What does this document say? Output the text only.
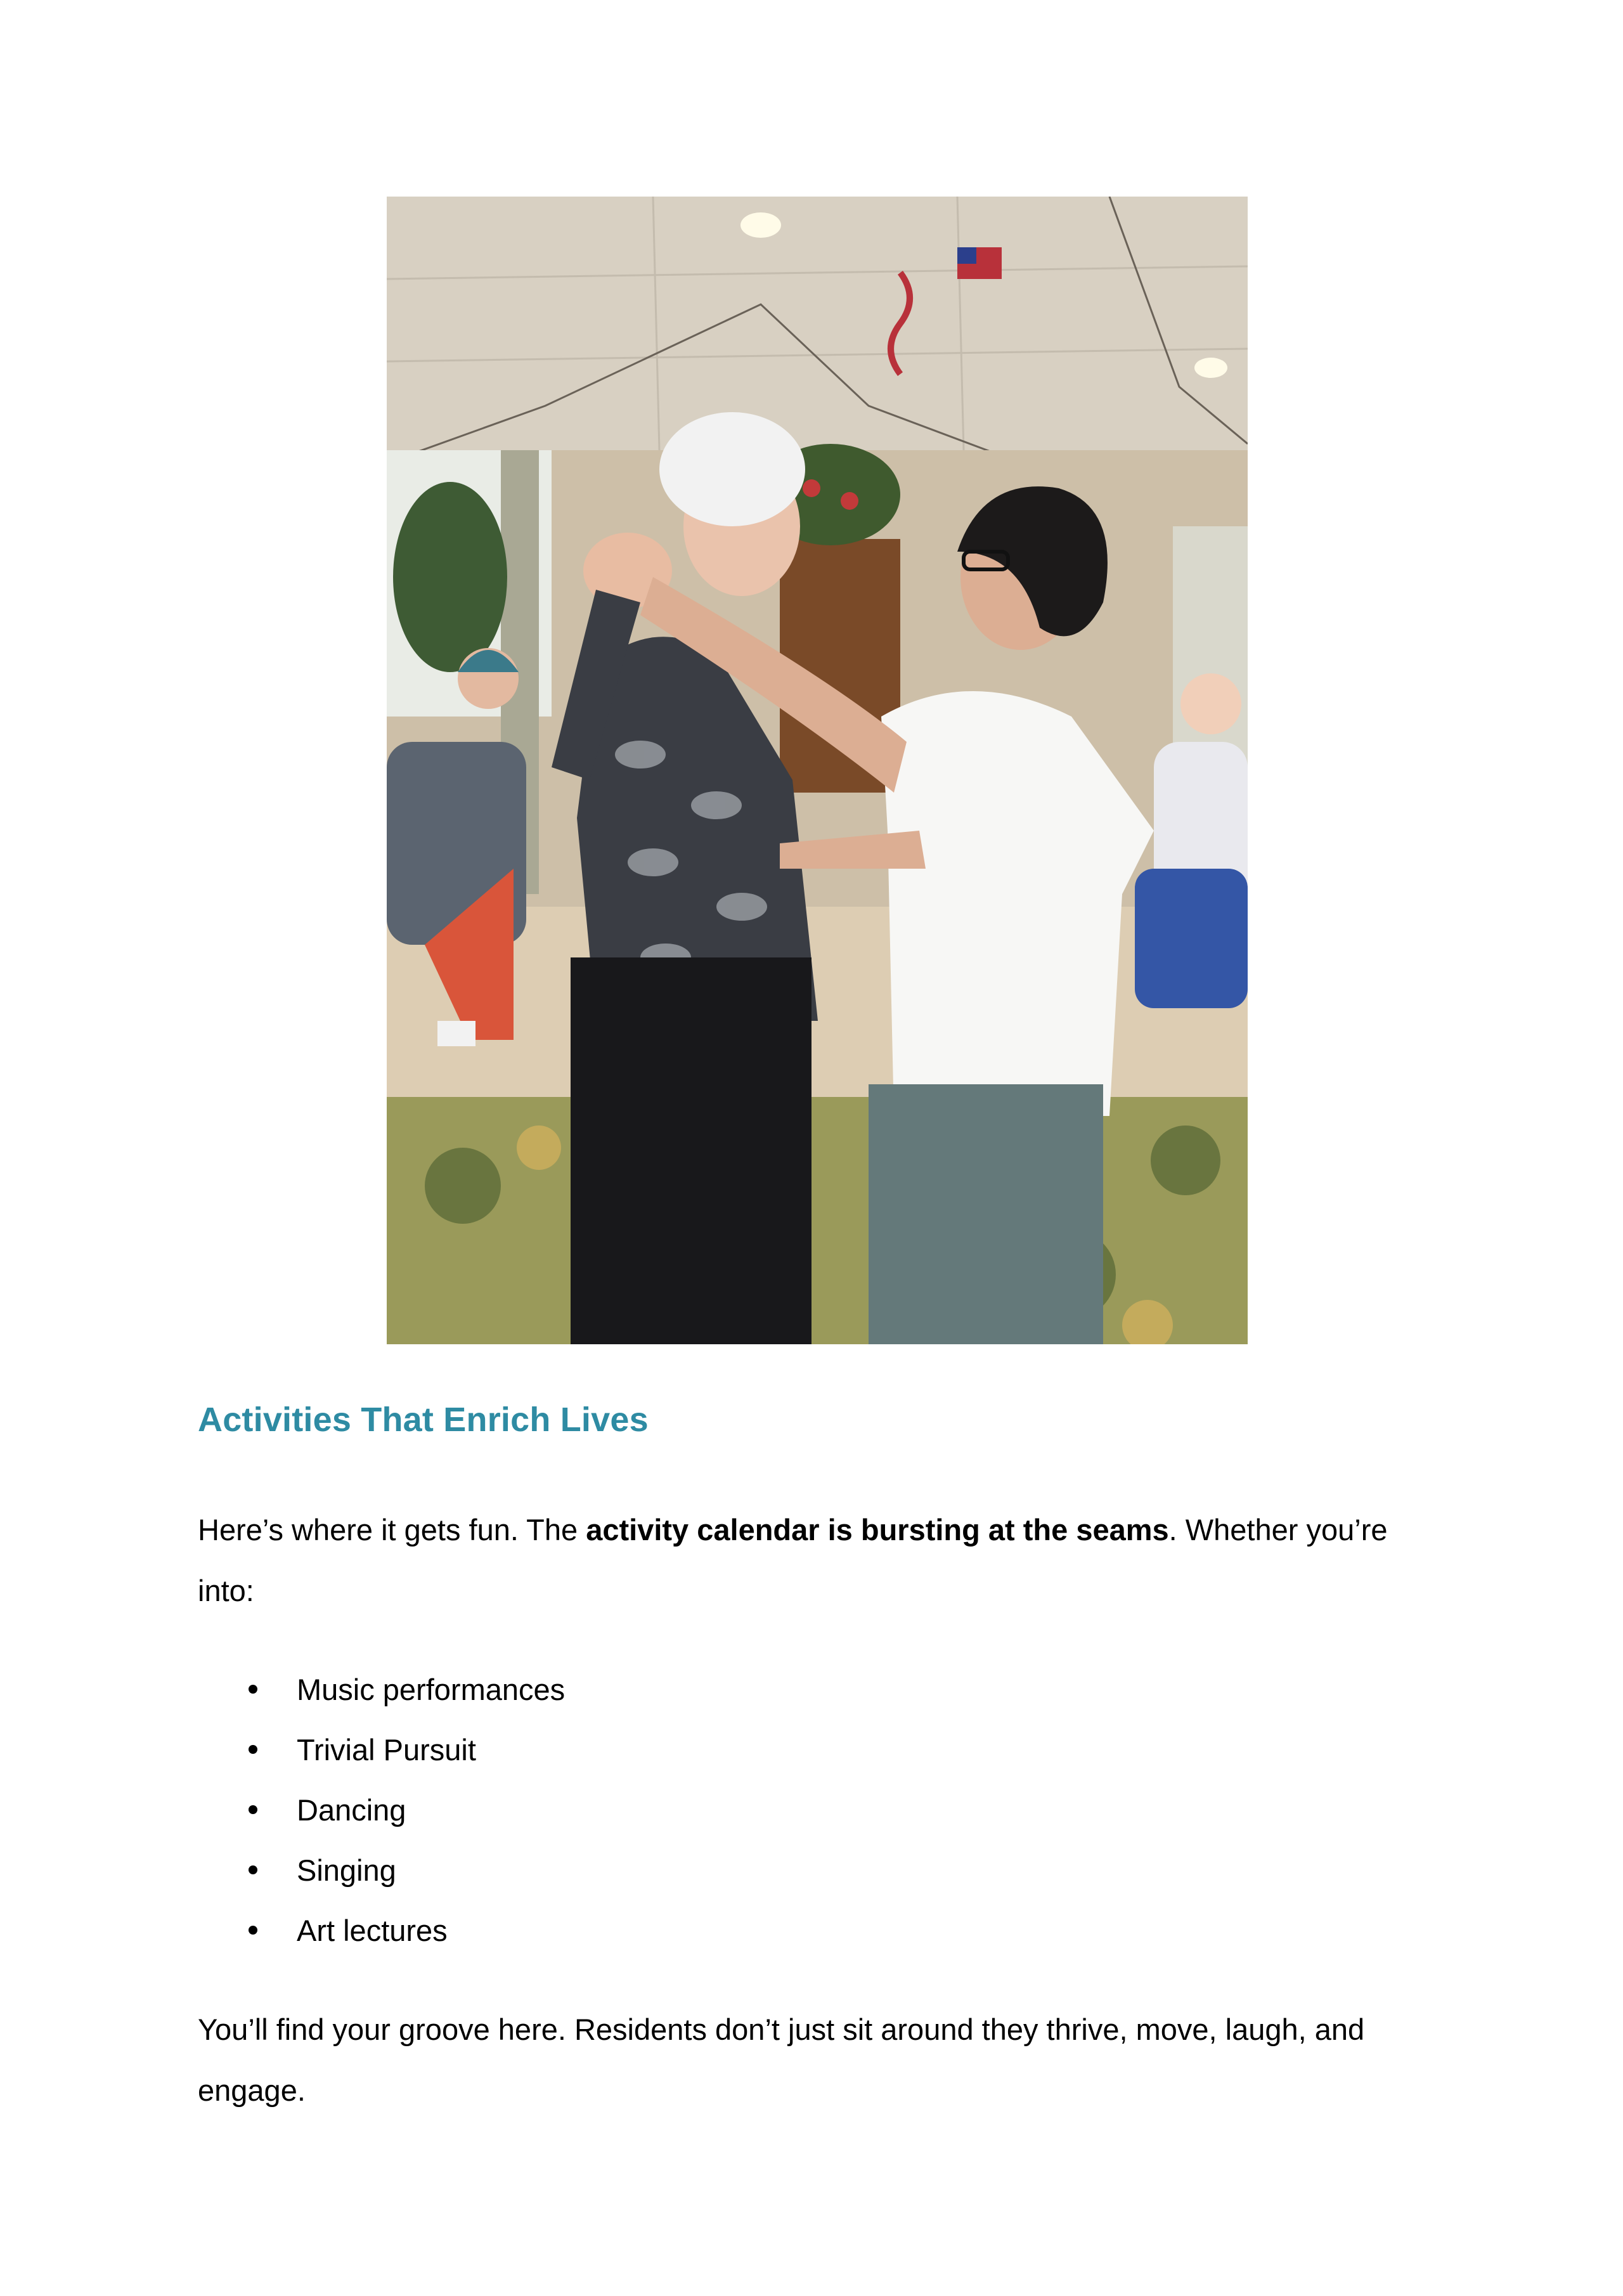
Activities That Enrich Lives

Here’s where it gets fun. The activity calendar is bursting at the seams. Whether you’re into:

Music performances
Trivial Pursuit
Dancing
Singing
Art lectures

You’ll find your groove here. Residents don’t just sit around they thrive, move, laugh, and engage.
